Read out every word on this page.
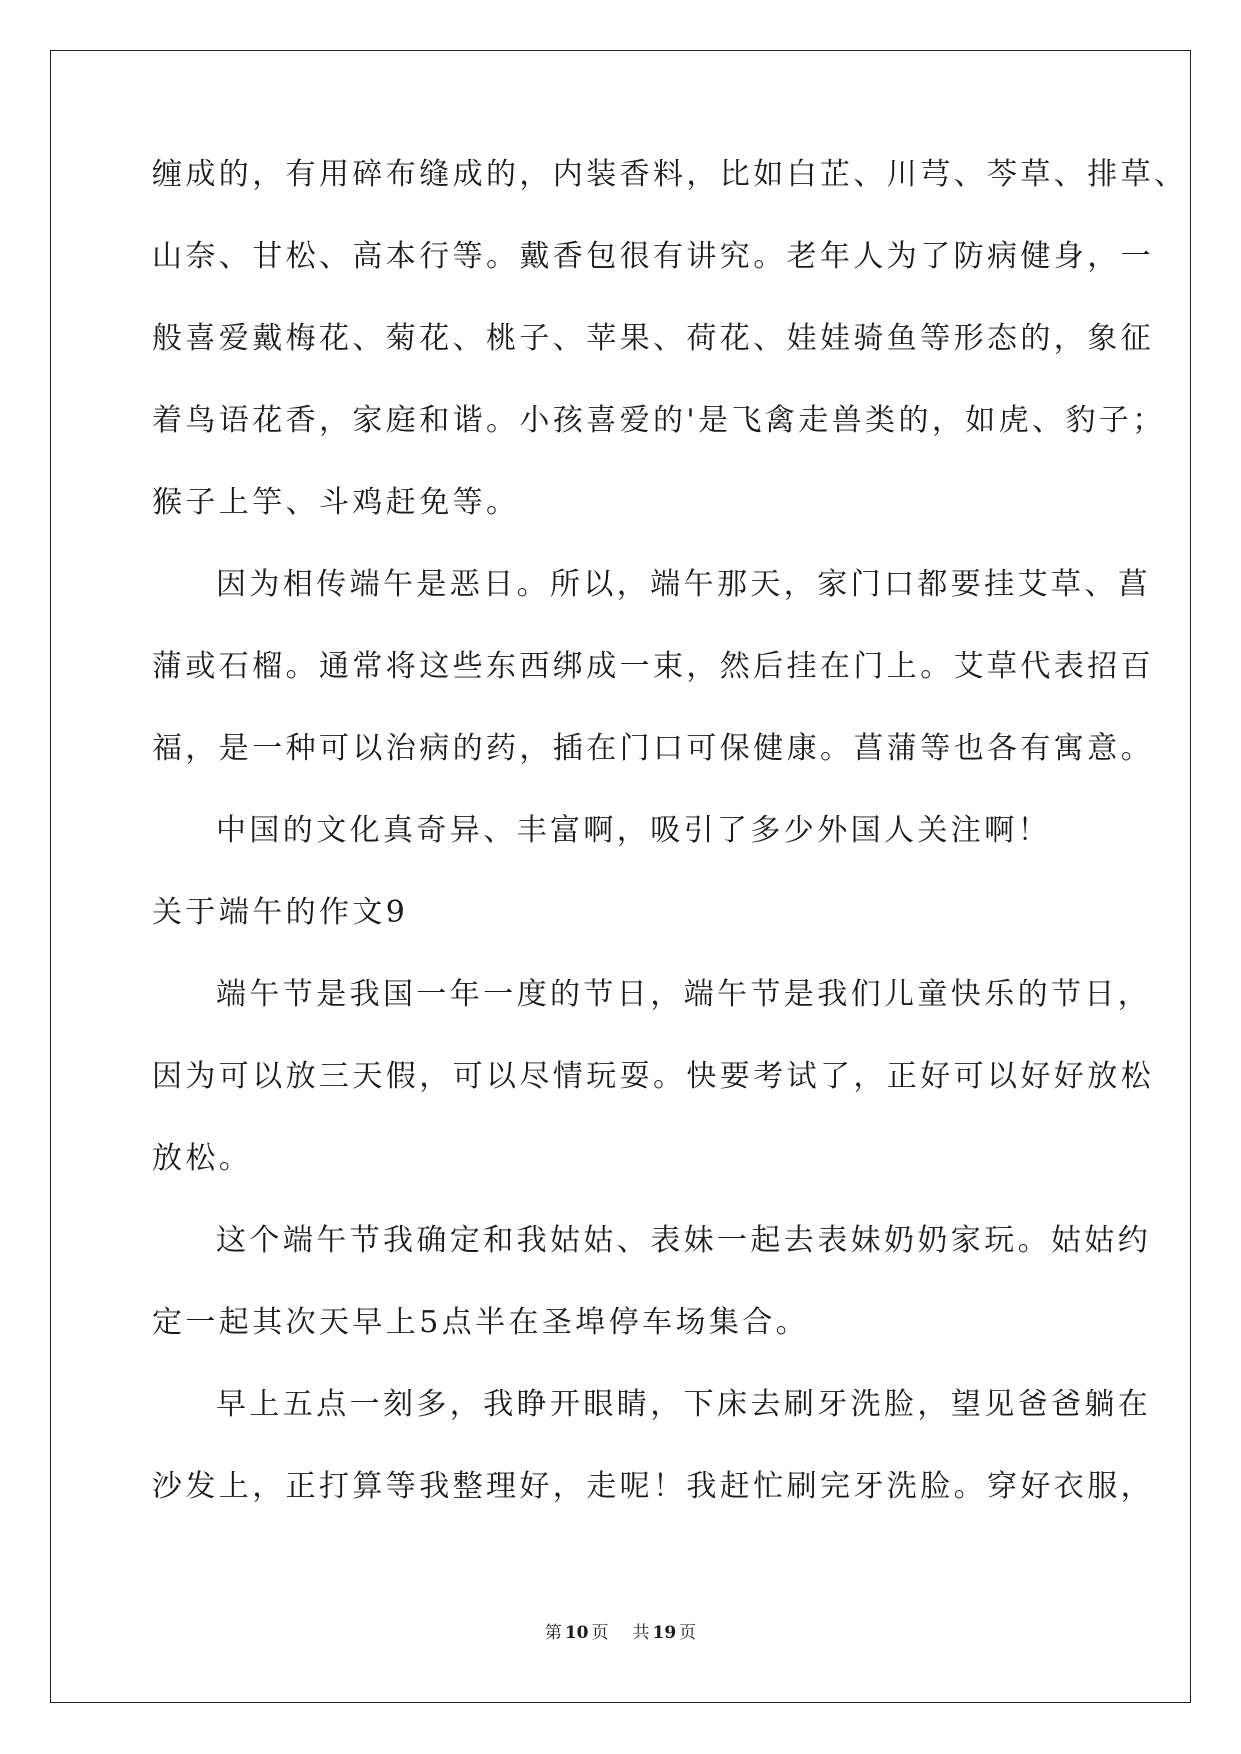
缠成的，有用碎布缝成的，内装香料，比如白芷、川芎、芩草、排草、
山奈、甘松、高本行等。戴香包很有讲究。老年人为了防病健身，一
般喜爱戴梅花、菊花、桃子、苹果、荷花、娃娃骑鱼等形态的，象征
着鸟语花香，家庭和谐。小孩喜爱的'是飞禽走兽类的，如虎、豹子；
猴子上竽、斗鸡赶免等。
因为相传端午是恶日。所以，端午那天，家门口都要挂艾草、菖
蒲或石榴。通常将这些东西绑成一束，然后挂在门上。艾草代表招百
福，是一种可以治病的药，插在门口可保健康。菖蒲等也各有寓意。
中国的文化真奇异、丰富啊，吸引了多少外国人关注啊！
关于端午的作文9
端午节是我国一年一度的节日，端午节是我们儿童快乐的节日，
因为可以放三天假，可以尽情玩耍。快要考试了，正好可以好好放松
放松。
这个端午节我确定和我姑姑、表妹一起去表妹奶奶家玩。姑姑约
定一起其次天早上5点半在圣埠停车场集合。
早上五点一刻多，我睁开眼睛，下床去刷牙洗脸，望见爸爸躺在
沙发上，正打算等我整理好，走呢！我赶忙刷完牙洗脸。穿好衣服，
第 10 页 共 19 页
